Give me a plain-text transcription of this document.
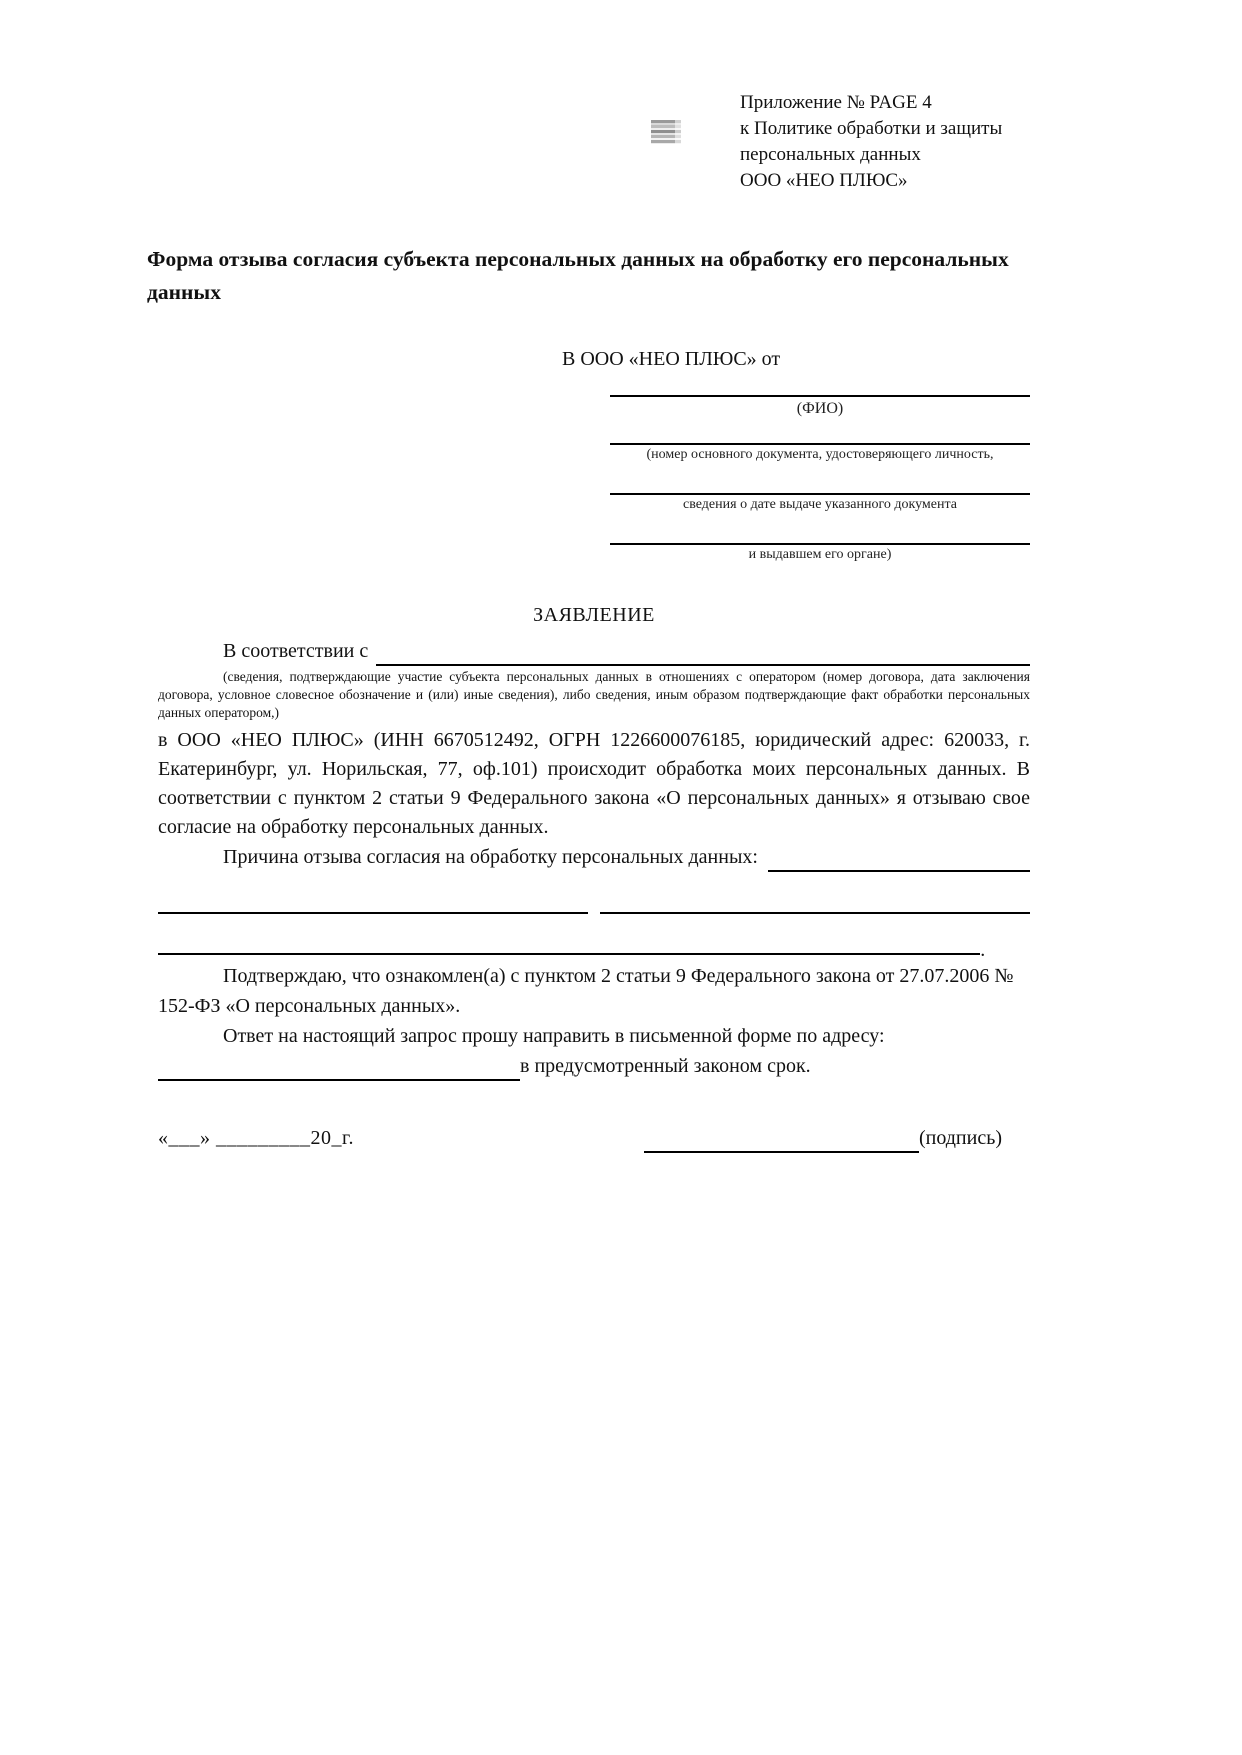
Приложение № PAGE 4
к Политике обработки и защиты
персональных данных
ООО «НЕО ПЛЮС»
Форма отзыва согласия субъекта персональных данных на обработку его персональных данных
В ООО «НЕО ПЛЮС» от
(ФИО)
(номер основного документа, удостоверяющего личность,
сведения о дате выдаче указанного документа
и выдавшем его органе)
ЗАЯВЛЕНИЕ
В соответствии с

(сведения, подтверждающие участие субъекта персональных данных в отношениях с оператором (номер договора, дата заключения договора, условное словесное обозначение и (или) иные сведения), либо сведения, иным образом подтверждающие факт обработки персональных данных оператором,)

в ООО «НЕО ПЛЮС» (ИНН 6670512492, ОГРН 1226600076185, юридический адрес: 620033, г. Екатеринбург, ул. Норильская, 77, оф.101) происходит обработка моих персональных данных. В соответствии с пунктом 2 статьи 9 Федерального закона «О персональных данных» я отзываю свое согласие на обработку персональных данных.

Причина отзыва согласия на обработку персональных данных:
.

Подтверждаю, что ознакомлен(а) с пунктом 2 статьи 9 Федерального закона от 27.07.2006 № 152-ФЗ «О персональных данных».

Ответ на настоящий запрос прошу направить в письменной форме по адресу:

в предусмотренный законом срок.
«___» _________20_г.	(подпись)
